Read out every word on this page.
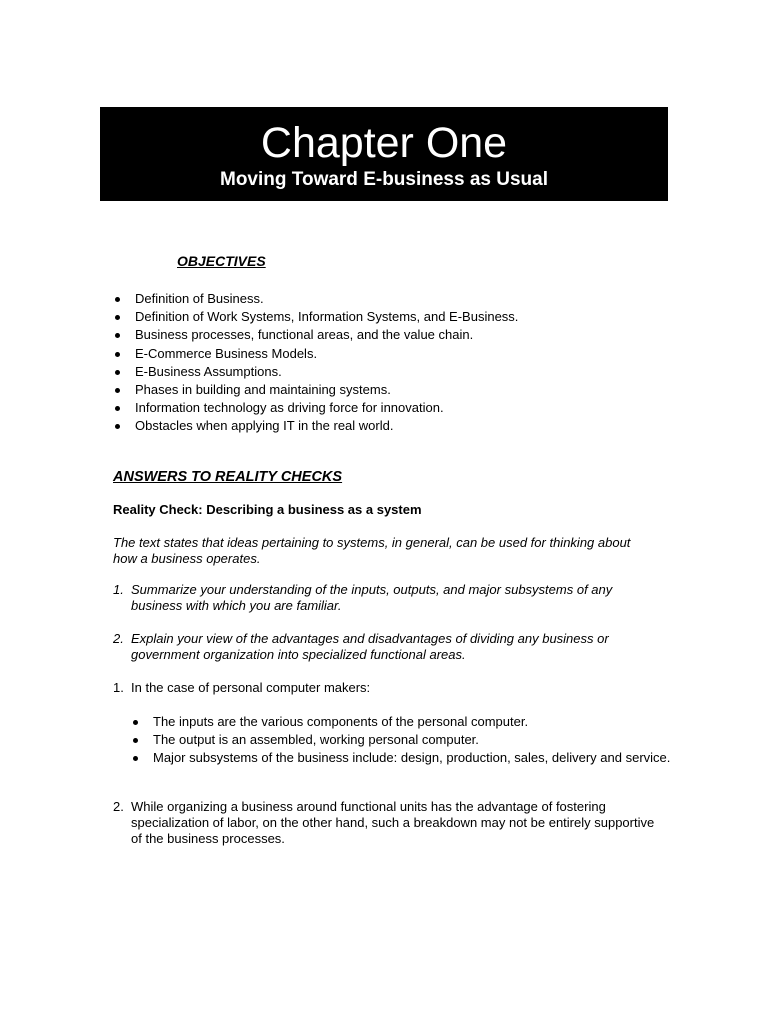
Chapter One
Moving Toward E-business as Usual
OBJECTIVES
Definition of Business.
Definition of Work Systems, Information Systems, and E-Business.
Business processes, functional areas, and the value chain.
E-Commerce Business Models.
E-Business Assumptions.
Phases in building and maintaining systems.
Information technology as driving force for innovation.
Obstacles when applying IT in the real world.
ANSWERS TO REALITY CHECKS
Reality Check: Describing a business as a system
The text states that ideas pertaining to systems, in general, can be used for thinking about how a business operates.
1. Summarize your understanding of the inputs, outputs, and major subsystems of any business with which you are familiar.
2. Explain your view of the advantages and disadvantages of dividing any business or government organization into specialized functional areas.
1. In the case of personal computer makers:
The inputs are the various components of the personal computer.
The output is an assembled, working personal computer.
Major subsystems of the business include: design, production, sales, delivery and service.
2. While organizing a business around functional units has the advantage of fostering specialization of labor, on the other hand, such a breakdown may not be entirely supportive of the business processes.
